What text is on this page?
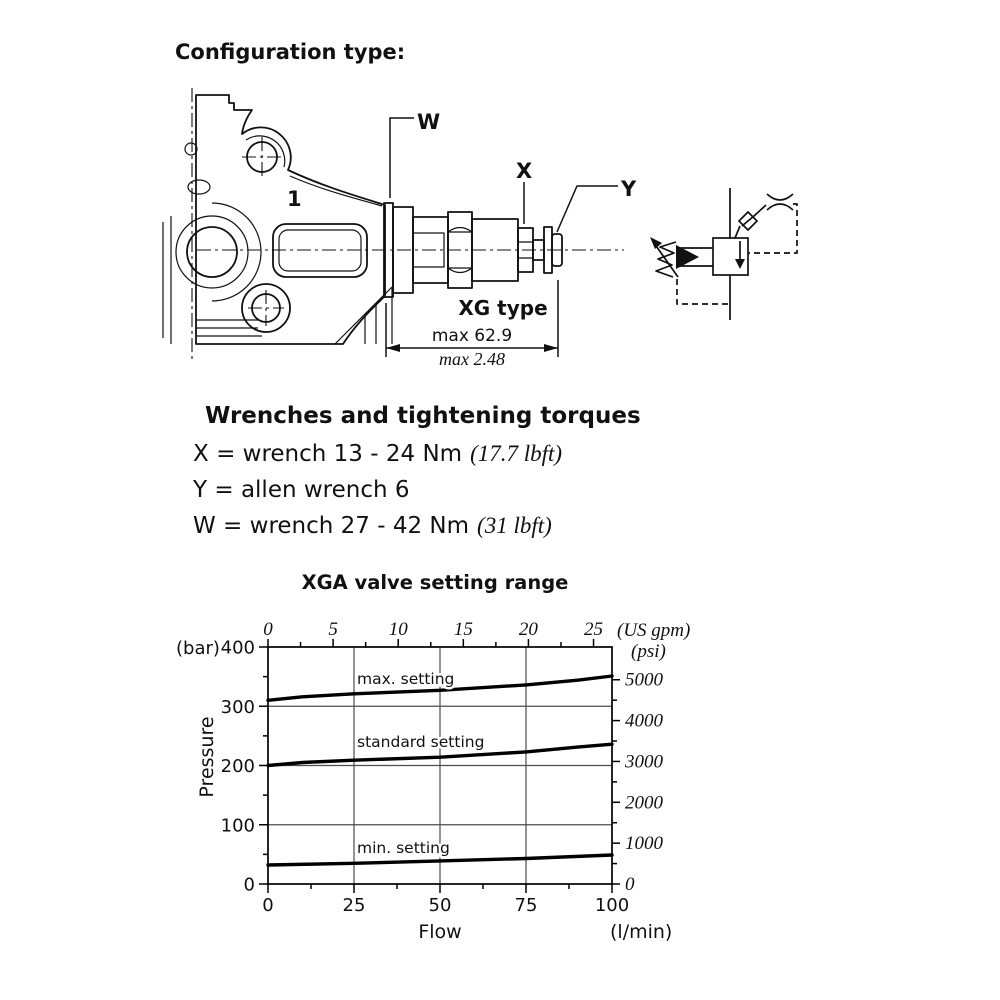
Configuration type:
W
X
Y
1
XG type
max 62.9
max 2.48
Wrenches and tightening torques
X = wrench 13 - 24 Nm (17.7 lbft)
Y = allen wrench 6
W = wrench 27 - 42 Nm (31 lbft)
XGA valve setting range
0
100
200
300
400
0	25	50	75	100
0	5	10 15 20 25
0
1000
2000
3000
4000
5000
max. setting
standard setting
min. setting
(bar)
(US gpm)
(psi)
Flow	(l/min)
Pressure
